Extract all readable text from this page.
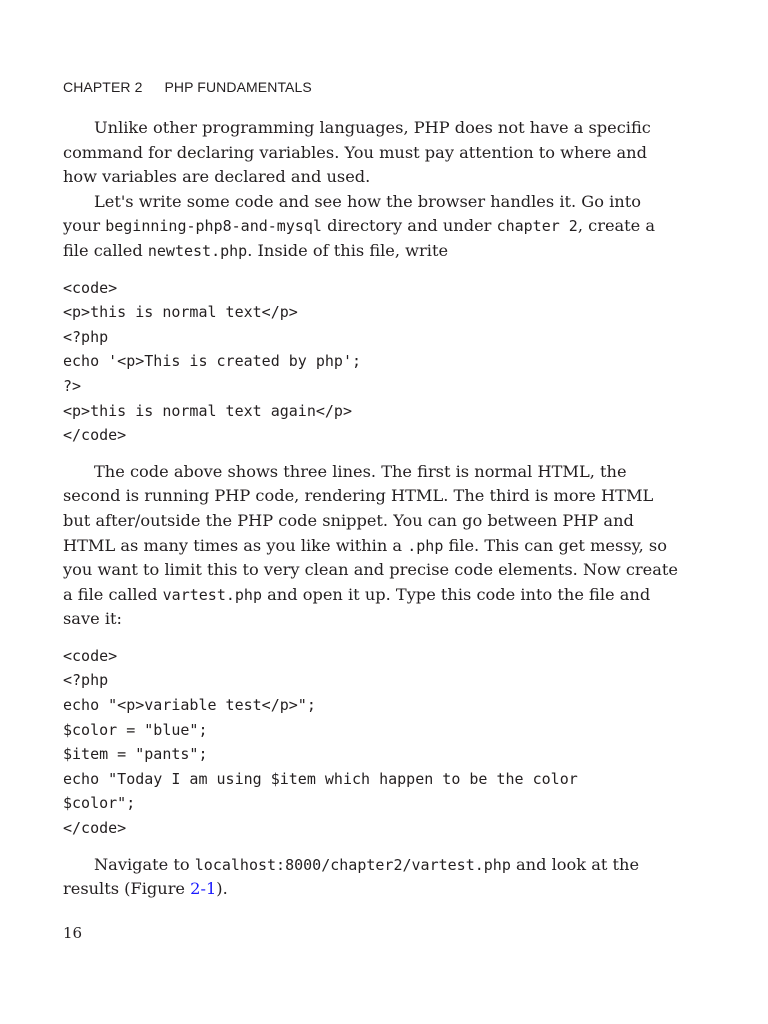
CHAPTER 2 PHP FUNDAMENTALS

Unlike other programming languages, PHP does not have a specific command for declaring variables. You must pay attention to where and how variables are declared and used.

Let's write some code and see how the browser handles it. Go into your beginning-php8-and-mysql directory and under chapter 2, create a file called newtest.php. Inside of this file, write

<code>
<p>this is normal text</p>
<?php
echo '<p>This is created by php';
?>
<p>this is normal text again</p>
</code>

The code above shows three lines. The first is normal HTML, the second is running PHP code, rendering HTML. The third is more HTML but after/outside the PHP code snippet. You can go between PHP and HTML as many times as you like within a .php file. This can get messy, so you want to limit this to very clean and precise code elements. Now create a file called vartest.php and open it up. Type this code into the file and save it:

<code>
<?php
echo "<p>variable test</p>";
$color = "blue";
$item = "pants";
echo "Today I am using $item which happen to be the color
$color";
</code>

Navigate to localhost:8000/chapter2/vartest.php and look at the results (Figure 2-1).

16
